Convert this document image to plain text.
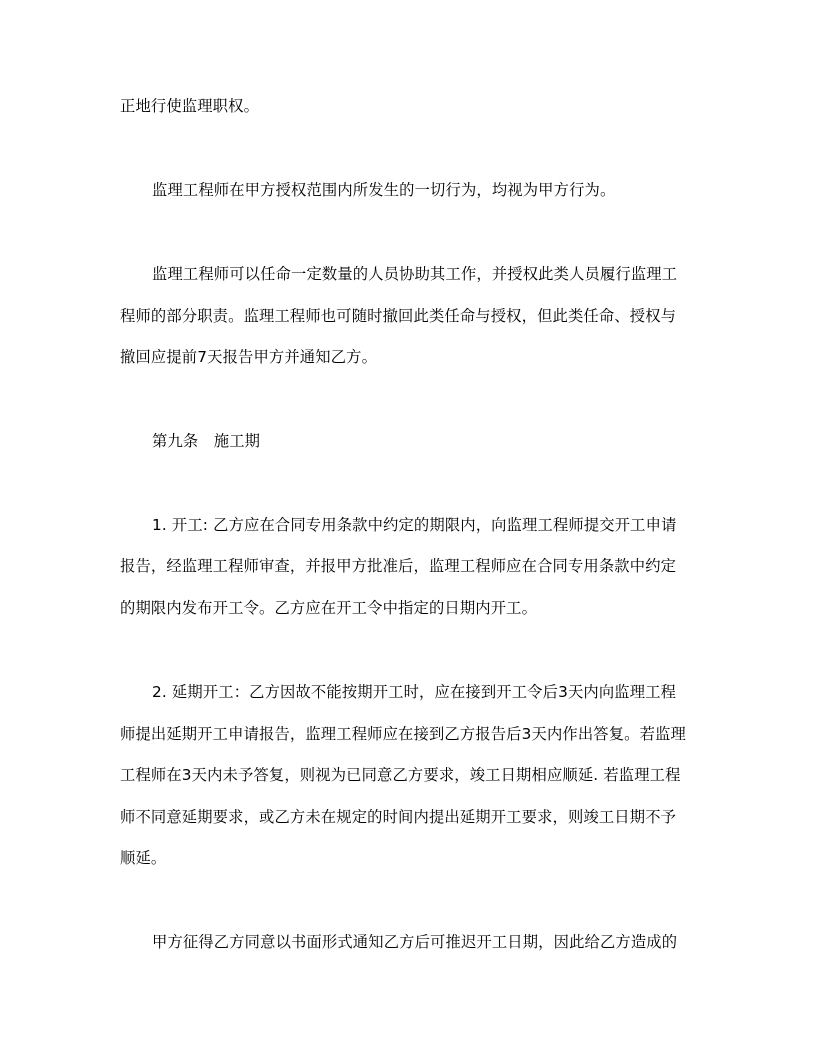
正地行使监理职权。
监理工程师在甲方授权范围内所发生的一切行为，均视为甲方行为。
监理工程师可以任命一定数量的人员协助其工作，并授权此类人员履行监理工
程师的部分职责。监理工程师也可随时撤回此类任命与授权，但此类任命、授权与
撤回应提前7天报告甲方并通知乙方。
第九条　施工期
1. 开工: 乙方应在合同专用条款中约定的期限内，向监理工程师提交开工申请
报告，经监理工程师审查，并报甲方批准后，监理工程师应在合同专用条款中约定
的期限内发布开工令。乙方应在开工令中指定的日期内开工。
2. 延期开工：乙方因故不能按期开工时，应在接到开工令后3天内向监理工程
师提出延期开工申请报告，监理工程师应在接到乙方报告后3天内作出答复。若监理
工程师在3天内未予答复，则视为已同意乙方要求，竣工日期相应顺延. 若监理工程
师不同意延期要求，或乙方未在规定的时间内提出延期开工要求，则竣工日期不予
顺延。
甲方征得乙方同意以书面形式通知乙方后可推迟开工日期，因此给乙方造成的
